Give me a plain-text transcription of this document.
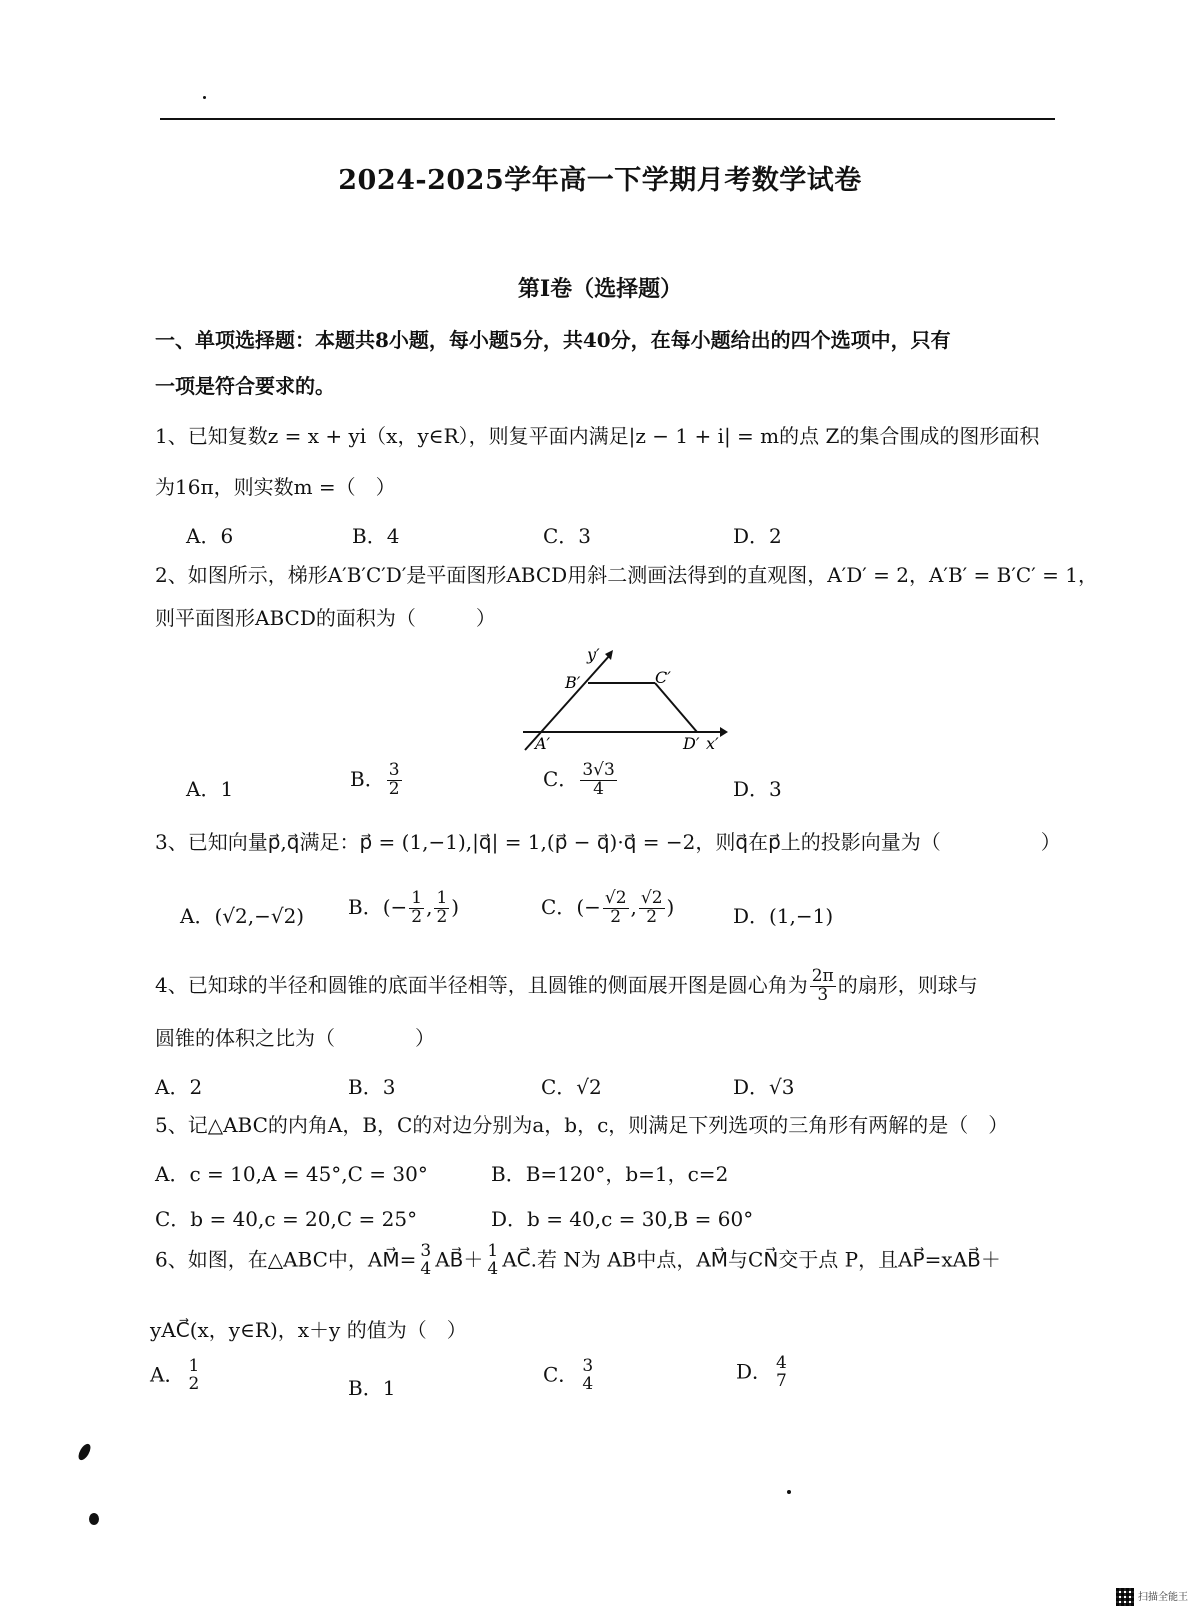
2024-2025学年高一下学期月考数学试卷
第I卷（选择题）
一、单项选择题：本题共8小题，每小题5分，共40分，在每小题给出的四个选项中，只有
一项是符合要求的。
1、已知复数z = x + yi（x，y∈R），则复平面内满足|z − 1 + i| = m的点 Z的集合围成的图形面积
为16π，则实数m =（　）
A．6	B．4	C．3	D．2
2、如图所示，梯形A′B′C′D′是平面图形ABCD用斜二测画法得到的直观图，A′D′ = 2，A′B′ = B′C′ = 1，
则平面图形ABCD的面积为（　　　）
y′
B′	C′
A′	D′ x′
A．1	B． $\frac{3}{2}$	C． $\frac{3√3}{4}$	D．3
3、已知向量p⃗,q⃗满足：p⃗ = (1,−1),|q⃗| = 1,(p⃗ − q⃗)·q⃗ = −2，则q⃗在p⃗上的投影向量为（　　　　　）
A．(√2,−√2) B．(− $\frac{1}{2}$ , $\frac{1}{2}$ )	C．(− $\frac{√2}{2}$ , $\frac{√2}{2}$ )	D．(1,−1)
4、已知球的半径和圆锥的底面半径相等，且圆锥的侧面展开图是圆心角为 $\frac{2\pi}{3}$ 的扇形，则球与
圆锥的体积之比为（　　　　）
A．2	B．3	C．√2	D．√3
5、记△ABC的内角A，B，C的对边分别为a，b，c，则满足下列选项的三角形有两解的是（　）
A．c = 10,A = 45°,C = 30°	B．B=120°，b=1，c=2
C．b = 40,c = 20,C = 25°	D．b = 40,c = 30,B = 60°
6、如图，在△ABC中，AM⃗= 3
4 AB⃗＋ 1
4 AC⃗.若 N为 AB中点，AM⃗与CN⃗交于点 P，且AP⃗=xAB⃗＋
yAC⃗(x，y∈R)，x＋y 的值为（　）
A． 1
2	B．1
C． 3
4
D． 4
7
扫描全能王
